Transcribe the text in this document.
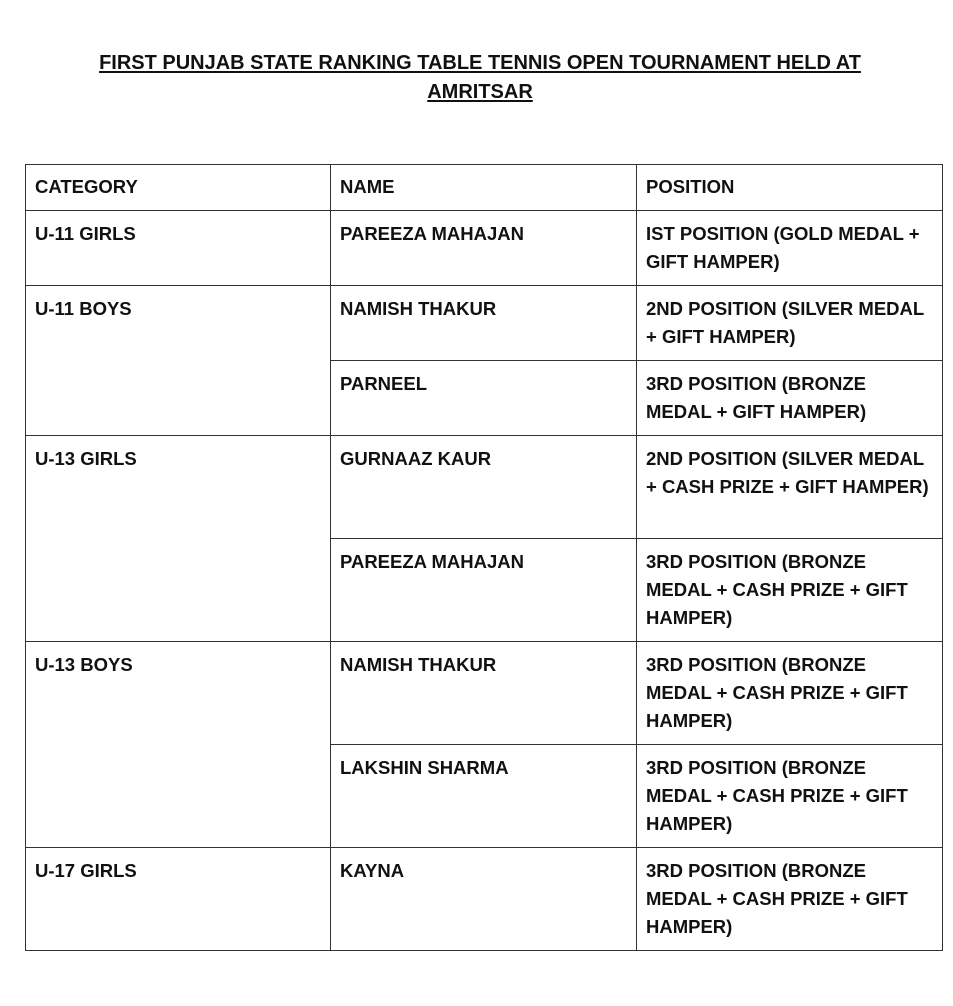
FIRST PUNJAB STATE RANKING TABLE TENNIS OPEN TOURNAMENT HELD AT
AMRITSAR
CATEGORY	NAME	POSITION
U-11 GIRLS	PAREEZA MAHAJAN	IST POSITION (GOLD MEDAL + GIFT HAMPER)
U-11 BOYS	NAMISH THAKUR	2ND POSITION (SILVER MEDAL + GIFT HAMPER)
	PARNEEL	3RD POSITION (BRONZE MEDAL + GIFT HAMPER)
U-13 GIRLS	GURNAAZ KAUR	2ND POSITION (SILVER MEDAL + CASH PRIZE + GIFT HAMPER)
	PAREEZA MAHAJAN	3RD POSITION (BRONZE MEDAL + CASH PRIZE + GIFT HAMPER)
U-13 BOYS	NAMISH THAKUR	3RD POSITION (BRONZE MEDAL + CASH PRIZE + GIFT HAMPER)
	LAKSHIN SHARMA	3RD POSITION (BRONZE MEDAL + CASH PRIZE + GIFT HAMPER)
U-17 GIRLS	KAYNA	3RD POSITION (BRONZE MEDAL + CASH PRIZE + GIFT HAMPER)
